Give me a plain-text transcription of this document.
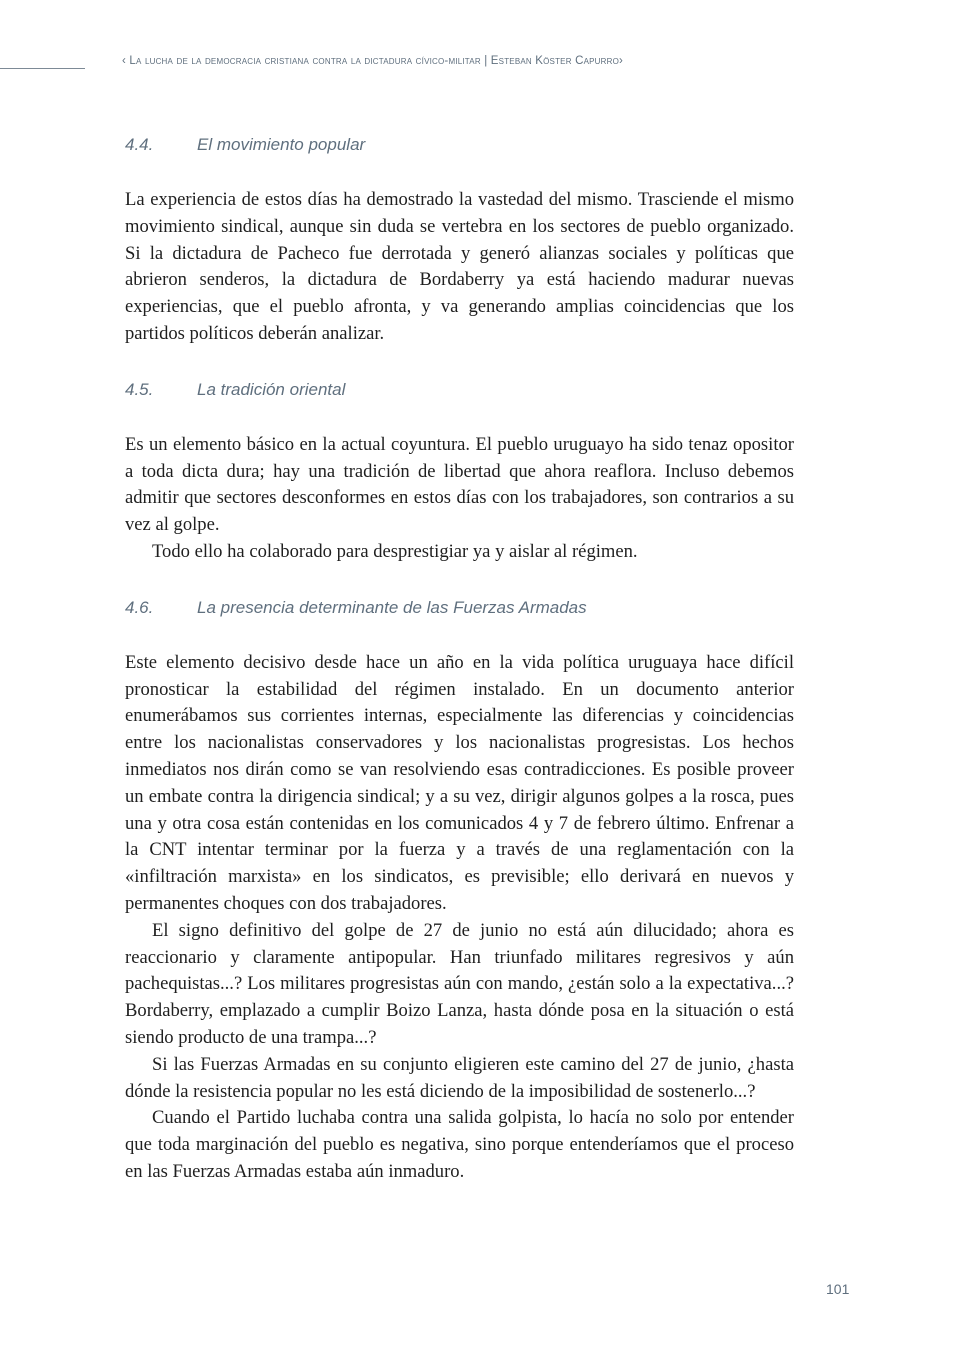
‹ La lucha de la democracia cristiana contra la dictadura cívico-militar | Esteban Köster Capurro›
4.4.	El movimiento popular

La experiencia de estos días ha demostrado la vastedad del mismo. Trasciende el mismo movimiento sindical, aunque sin duda se vertebra en los sectores de pueblo organizado. Si la dictadura de Pacheco fue derrotada y generó alianzas sociales y políticas que abrieron senderos, la dictadura de Bordaberry ya está haciendo madurar nuevas experiencias, que el pueblo afronta, y va generando amplias coincidencias que los partidos políticos deberán analizar.

4.5.	La tradición oriental

Es un elemento básico en la actual coyuntura. El pueblo uruguayo ha sido tenaz opositor a toda dicta dura; hay una tradición de libertad que ahora reaflora. Incluso debemos admitir que sectores desconformes en estos días con los trabajadores, son contrarios a su vez al golpe.

Todo ello ha colaborado para desprestigiar ya y aislar al régimen.

4.6.	La presencia determinante de las Fuerzas Armadas

Este elemento decisivo desde hace un año en la vida política uruguaya hace difícil pronosticar la estabilidad del régimen instalado. En un documento anterior enumerábamos sus corrientes internas, especialmente las diferencias y coincidencias entre los nacionalistas conservadores y los nacionalistas progresistas. Los hechos inmediatos nos dirán como se van resolviendo esas contradicciones. Es posible proveer un embate contra la dirigencia sindical; y a su vez, dirigir algunos golpes a la rosca, pues una y otra cosa están contenidas en los comunicados 4 y 7 de febrero último. Enfrenar a la CNT intentar terminar por la fuerza y a través de una reglamentación con la «infiltración marxista» en los sindicatos, es previsible; ello derivará en nuevos y permanentes choques con dos trabajadores.

El signo definitivo del golpe de 27 de junio no está aún dilucidado; ahora es reaccionario y claramente antipopular. Han triunfado militares regresivos y aún pachequistas...? Los militares progresistas aún con mando, ¿están solo a la expectativa...? Bordaberry, emplazado a cumplir Boizo Lanza, hasta dónde posa en la situación o está siendo producto de una trampa...?

Si las Fuerzas Armadas en su conjunto eligieren este camino del 27 de junio, ¿hasta dónde la resistencia popular no les está diciendo de la imposibilidad de sostenerlo...?

Cuando el Partido luchaba contra una salida golpista, lo hacía no solo por entender que toda marginación del pueblo es negativa, sino porque entenderíamos que el proceso en las Fuerzas Armadas estaba aún inmaduro.

101
